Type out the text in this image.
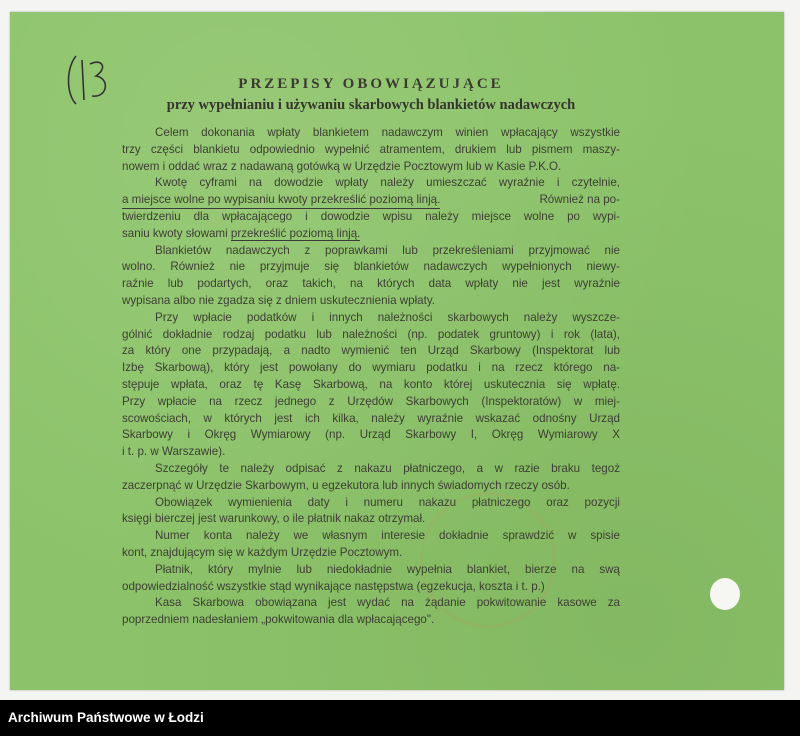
PRZEPISY OBOWIĄZUJĄCE
przy wypełnianiu i używaniu skarbowych blankietów nadawczych
Celem dokonania wpłaty blankietem nadawczym winien wpłacający wszystkie
trzy części blankietu odpowiednio wypełnić atramentem, drukiem lub pismem maszy-
nowem i oddać wraz z nadawaną gotówką w Urzędzie Pocztowym lub w Kasie P.K.O.
Kwotę cyframi na dowodzie wpłaty należy umieszczać wyraźnie i czytelnie,
a miejsce wolne po wypisaniu kwoty przekreślić poziomą linją.	Również na po-
twierdzeniu dla wpłacającego i dowodzie wpisu należy miejsce wolne po wypi-
saniu kwoty słowami przekreślić poziomą linją.
Blankietów nadawczych z poprawkami lub przekreśleniami przyjmować nie
wolno. Również nie przyjmuje się blankietów nadawczych wypełnionych niewy-
raźnie lub podartych, oraz takich, na których data wpłaty nie jest wyraźnie
wypisana albo nie zgadza się z dniem uskutecznienia wpłaty.
Przy wpłacie podatków i innych należności skarbowych należy wyszcze-
gólnić dokładnie rodzaj podatku lub należności (np. podatek gruntowy) i rok (lata),
za który one przypadają, a nadto wymienić ten Urząd Skarbowy (Inspektorat lub
Izbę Skarbową), który jest powołany do wymiaru podatku i na rzecz którego na-
stępuje wpłata, oraz tę Kasę Skarbową, na konto której uskutecznia się wpłatę.
Przy wpłacie na rzecz jednego z Urzędów Skarbowych (Inspektoratów) w miej-
scowościach, w których jest ich kilka, należy wyraźnie wskazać odnośny Urząd
Skarbowy i Okręg Wymiarowy (np. Urząd Skarbowy I, Okręg Wymiarowy X
i t. p. w Warszawie).
Szczegóły te należy odpisać z nakazu płatniczego, a w razie braku tegoż
zaczerpnąć w Urzędzie Skarbowym, u egzekutora lub innych świadomych rzeczy osób.
Obowiązek wymienienia daty i numeru nakazu płatniczego oraz pozycji
księgi bierczej jest warunkowy, o ile płatnik nakaz otrzymał.
Numer konta należy we własnym interesie dokładnie sprawdzić w spisie
kont, znajdującym się w każdym Urzędzie Pocztowym.
Płatnik, który mylnie lub niedokładnie wypełnia blankiet, bierze na swą
odpowiedzialność wszystkie stąd wynikające następstwa (egzekucja, koszta i t. p.)
Kasa Skarbowa obowiązana jest wydać na żądanie pokwitowanie kasowe za
poprzedniem nadesłaniem „pokwitowania dla wpłacającego".
Archiwum Państwowe w Łodzi
